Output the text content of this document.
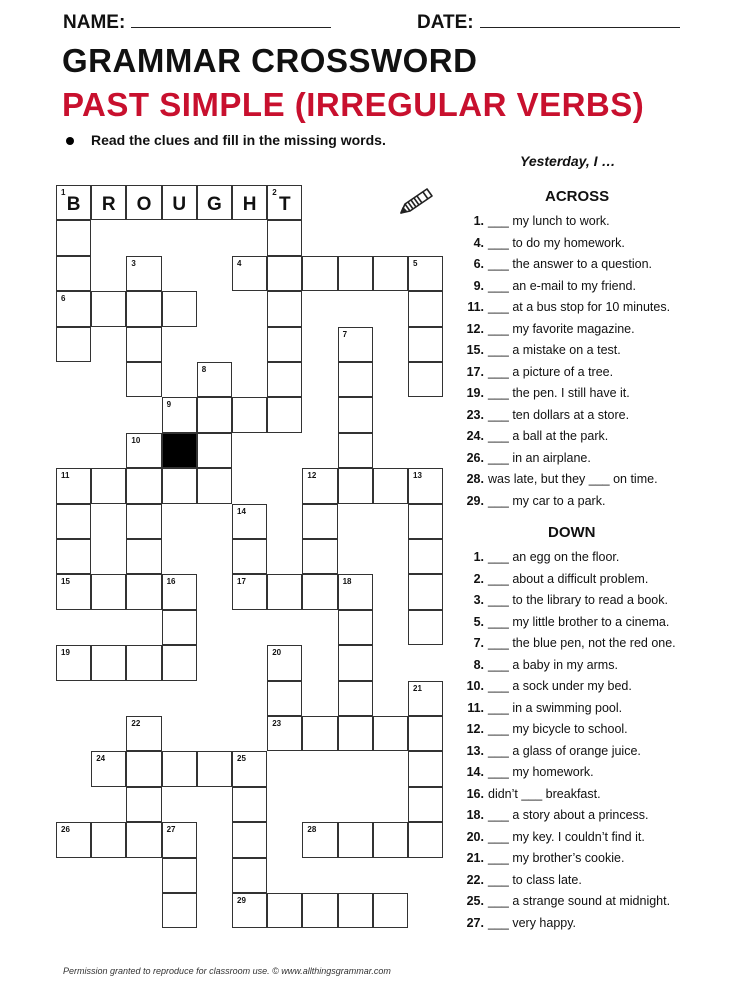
NAME:	DATE:
GRAMMAR CROSSWORD
PAST SIMPLE (IRREGULAR VERBS)
Read the clues and fill in the missing words.
Yesterday, I …
ACROSS
1. ___ my lunch to work.
4. ___ to do my homework.
6. ___ the answer to a question.
9. ___ an e-mail to my friend.
11. ___ at a bus stop for 10 minutes.
12. ___ my favorite magazine.
15. ___ a mistake on a test.
17. ___ a picture of a tree.
19. ___ the pen. I still have it.
23. ___ ten dollars at a store.
24. ___ a ball at the park.
26. ___ in an airplane.
28. was late, but they ___ on time.
29. ___ my car to a park.
DOWN
1. ___ an egg on the floor.
2. ___ about a difficult problem.
3. ___ to the library to read a book.
5. ___ my little brother to a cinema.
7. ___ the blue pen, not the red one.
8. ___ a baby in my arms.
10. ___ a sock under my bed.
11. ___ in a swimming pool.
12. ___ my bicycle to school.
13. ___ a glass of orange juice.
14. ___ my homework.
16. didn’t ___ breakfast.
18. ___ a story about a princess.
20. ___ my key. I couldn’t find it.
21. ___ my brother’s cookie.
22. ___ to class late.
25. ___ a strange sound at midnight.
27. ___ very happy.
1
B	R	O	U	G	H
2
T
3	4	5
6
7
8
9
10
11	12	13
14
15	16	17	18
19	20
21
22	23
24	25
26	27	28
29
Permission granted to reproduce for classroom use. © www.allthingsgrammar.com
